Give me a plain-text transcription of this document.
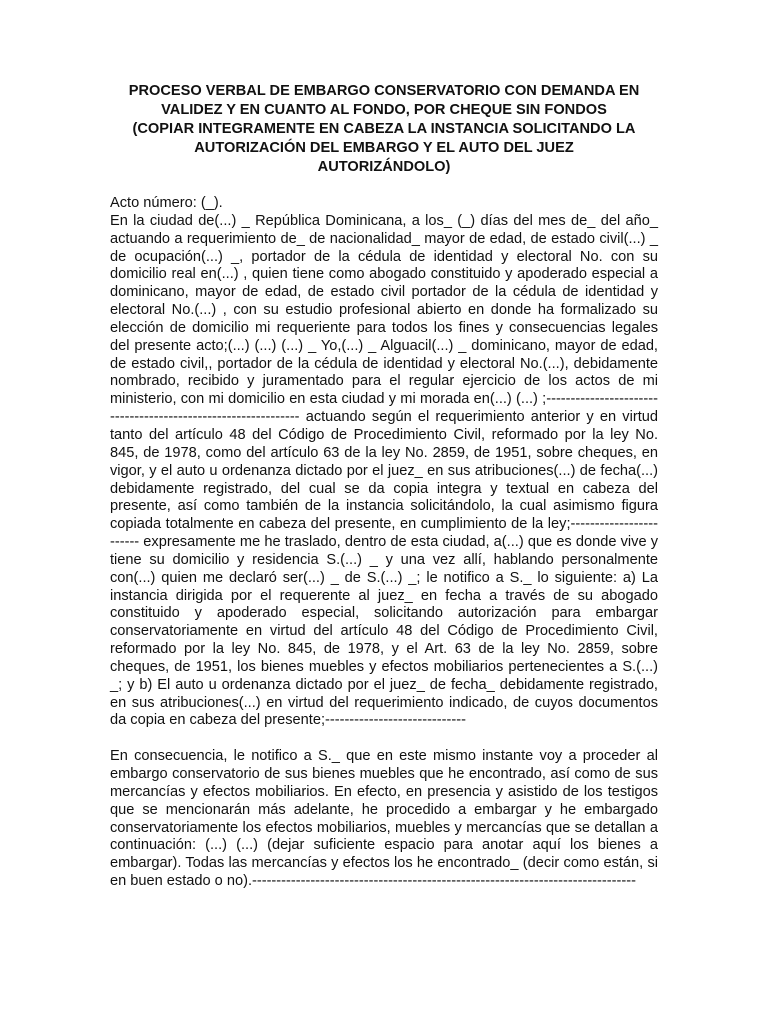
PROCESO VERBAL DE EMBARGO CONSERVATORIO CON DEMANDA EN
VALIDEZ Y EN CUANTO AL FONDO, POR CHEQUE SIN FONDOS
(COPIAR INTEGRAMENTE EN CABEZA LA INSTANCIA SOLICITANDO LA
AUTORIZACIÓN DEL EMBARGO Y EL AUTO DEL JUEZ
AUTORIZÁNDOLO)

Acto número: (_).

En la ciudad de(...) _ República Dominicana, a los_ (_) días del mes de_ del año_ actuando a requerimiento de_ de nacionalidad_ mayor de edad, de estado civil(...) _ de ocupación(...) _, portador de la cédula de identidad y electoral No. con su domicilio real en(...) , quien tiene como abogado constituido y apoderado especial a dominicano, mayor de edad, de estado civil portador de la cédula de identidad y electoral No.(...) , con su estudio profesional abierto en donde ha formalizado su elección de domicilio mi requeriente para todos los fines y consecuencias legales del presente acto;(...) (...) (...) _ Yo,(...) _ Alguacil(...) _ dominicano, mayor de edad, de estado civil,, portador de la cédula de identidad y electoral No.(...), debidamente nombrado, recibido y juramentado para el regular ejercicio de los actos de mi ministerio, con mi domicilio en esta ciudad y mi morada en(...) (...) ;-------------------------------------------------------------- actuando según el requerimiento anterior y en virtud tanto del artículo 48 del Código de Procedimiento Civil, reformado por la ley No. 845, de 1978, como del artículo 63 de la ley No. 2859, de 1951, sobre cheques, en vigor, y el auto u ordenanza dictado por el juez_ en sus atribuciones(...) de fecha(...) debidamente registrado, del cual se da copia integra y textual en cabeza del presente, así como también de la instancia solicitándolo, la cual asimismo figura copiada totalmente en cabeza del presente, en cumplimiento de la ley;------------------------ expresamente me he traslado, dentro de esta ciudad, a(...) que es donde vive y tiene su domicilio y residencia S.(...) _ y una vez allí, hablando personalmente con(...) quien me declaró ser(...) _ de S.(...) _; le notifico a S._ lo siguiente: a) La instancia dirigida por el requerente al juez_ en fecha a través de su abogado constituido y apoderado especial, solicitando autorización para embargar conservatoriamente en virtud del artículo 48 del Código de Procedimiento Civil, reformado por la ley No. 845, de 1978, y el Art. 63 de la ley No. 2859, sobre cheques, de 1951, los bienes muebles y efectos mobiliarios pertenecientes a S.(...) _; y b) El auto u ordenanza dictado por el juez_ de fecha_ debidamente registrado, en sus atribuciones(...) en virtud del requerimiento indicado, de cuyos documentos da copia en cabeza del presente;-----------------------------

En consecuencia, le notifico a S._ que en este mismo instante voy a proceder al embargo conservatorio de sus bienes muebles que he encontrado, así como de sus mercancías y efectos mobiliarios. En efecto, en presencia y asistido de los testigos que se mencionarán más adelante, he procedido a embargar y he embargado conservatoriamente los efectos mobiliarios, muebles y mercancías que se detallan a continuación: (...) (...) (dejar suficiente espacio para anotar aquí los bienes a embargar). Todas las mercancías y efectos los he encontrado_ (decir como están, si en buen estado o no).-------------------------------------------------------------------------------
